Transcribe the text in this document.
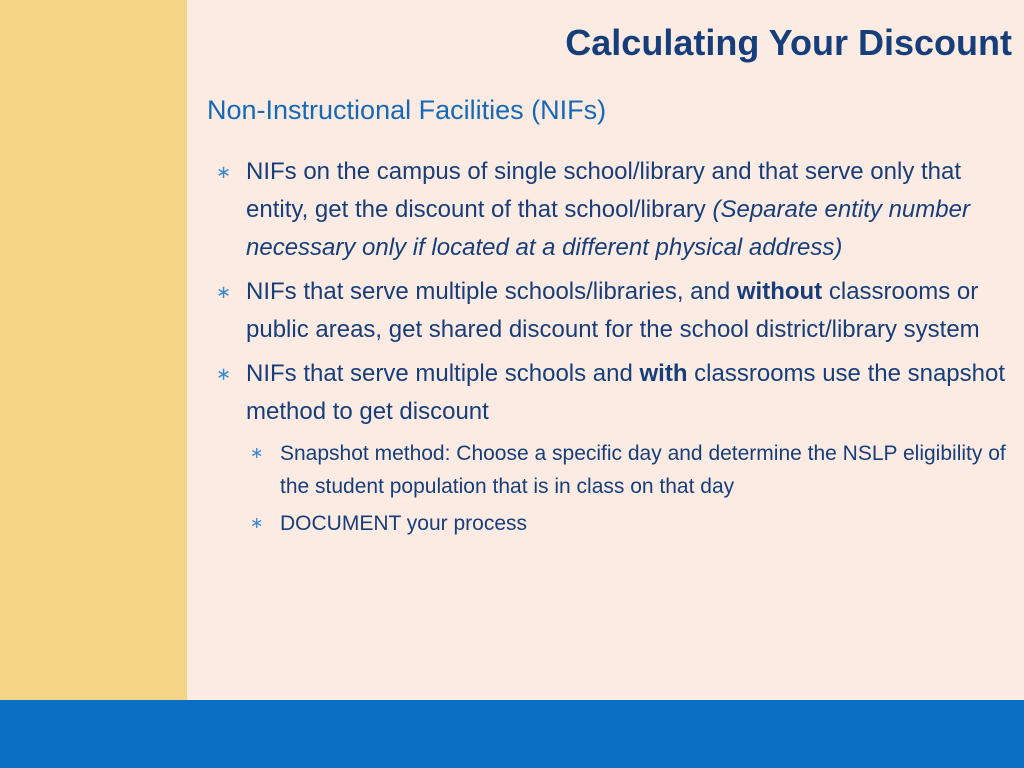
Calculating Your Discount
Non-Instructional Facilities (NIFs)
∗ NIFs on the campus of single school/library and that serve only that entity, get the discount of that school/library (Separate entity number necessary only if located at a different physical address)
∗ NIFs that serve multiple schools/libraries, and without classrooms or public areas, get shared discount for the school district/library system
∗ NIFs that serve multiple schools and with classrooms use the snapshot method to get discount
∗ Snapshot method: Choose a specific day and determine the NSLP eligibility of the student population that is in class on that day
∗ DOCUMENT your process
